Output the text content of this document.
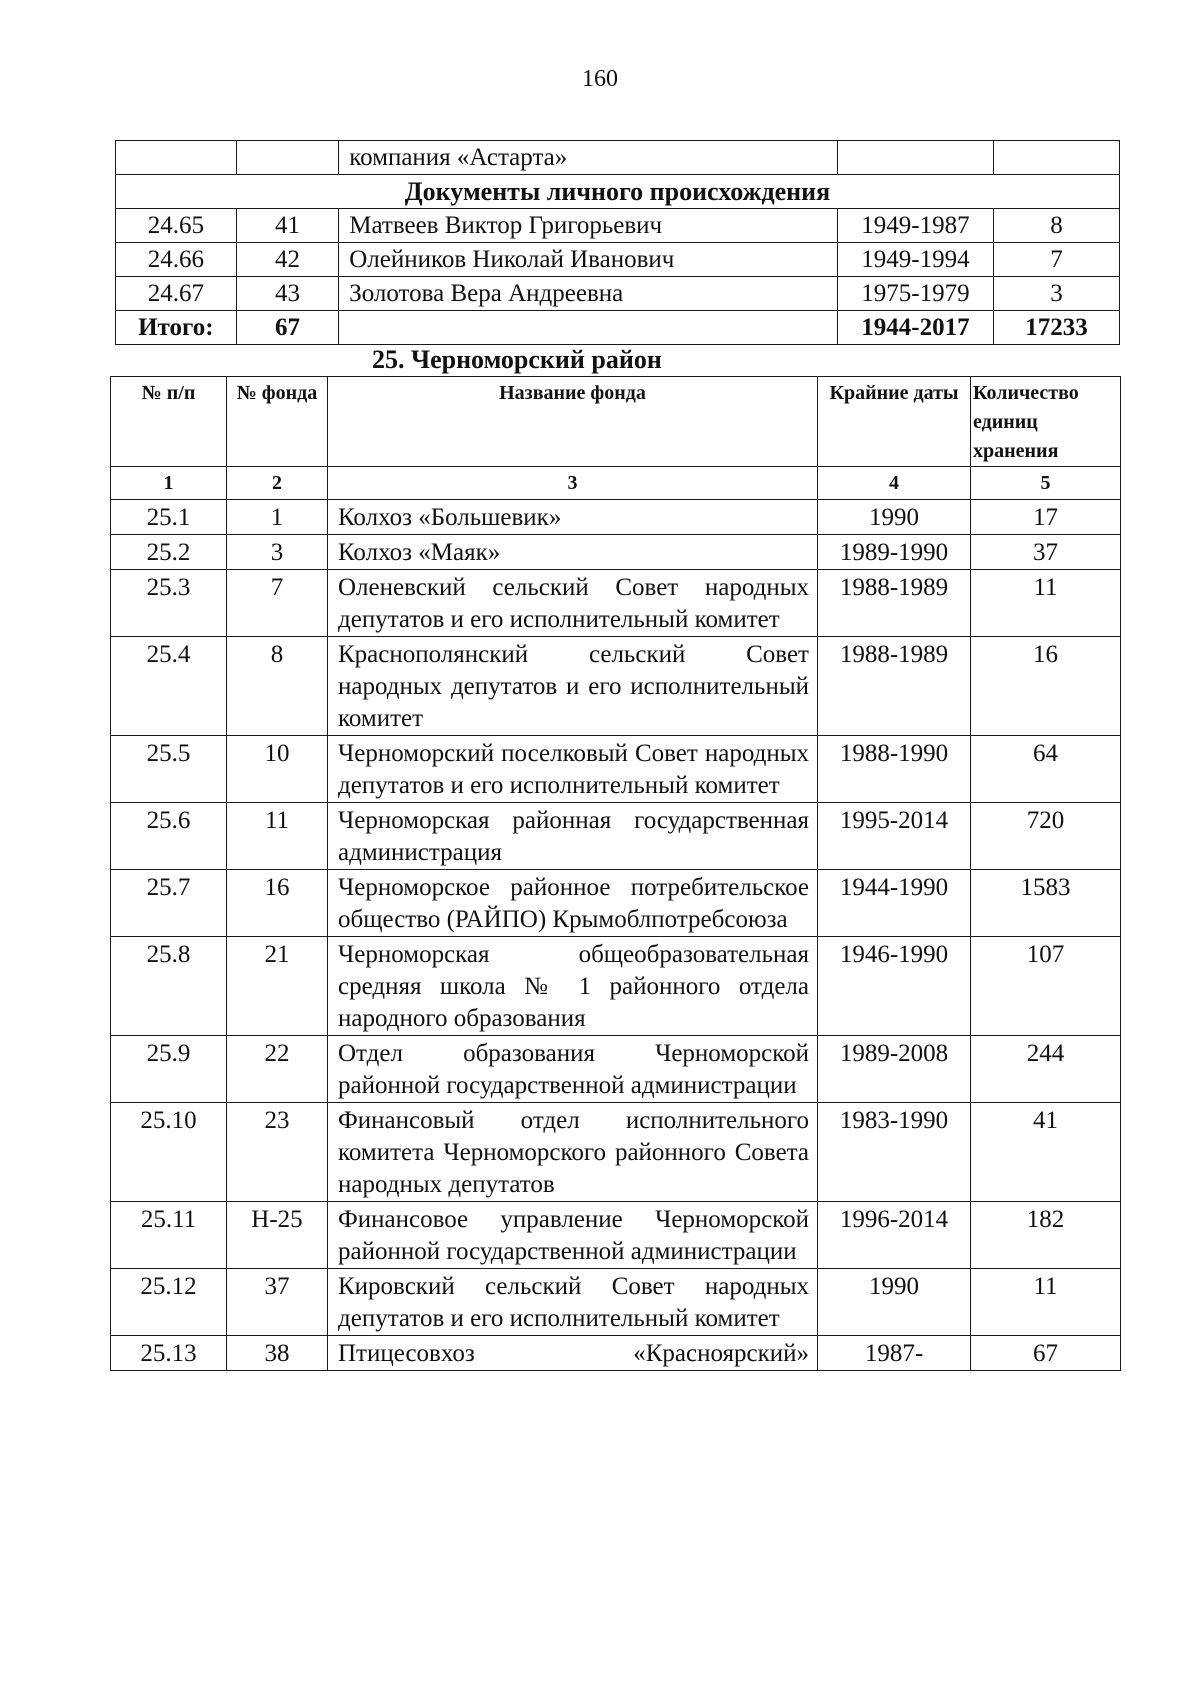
160
		компания «Астарта»		
Документы личного происхождения				
24.65	41	Матвеев Виктор Григорьевич	1949-1987	8
24.66	42	Олейников Николай Иванович	1949-1994	7
24.67	43	Золотова Вера Андреевна	1975-1979	3
Итого:	67		1944-2017	17233
25. Черноморский район
№ п/п	№ фонда	Название фонда	Крайние даты	Количество единиц хранения
1	2	3	4	5
25.1	1	Колхоз «Большевик»	1990	17
25.2	3	Колхоз «Маяк»	1989-1990	37
25.3	7	Оленевский сельский Совет народных депутатов и его исполнительный комитет	1988-1989	11
25.4	8	Краснополянский сельский Совет народных депутатов и его исполнительный комитет	1988-1989	16
25.5	10	Черноморский поселковый Совет народных депутатов и его исполнительный комитет	1988-1990	64
25.6	11	Черноморская районная государственная администрация	1995-2014	720
25.7	16	Черноморское районное потребительское общество (РАЙПО) Крымоблпотребсоюза	1944-1990	1583
25.8	21	Черноморская общеобразовательная средняя школа № 1 районного отдела народного образования	1946-1990	107
25.9	22	Отдел образования Черноморской районной государственной администрации	1989-2008	244
25.10	23	Финансовый отдел исполнительного комитета Черноморского районного Совета народных депутатов	1983-1990	41
25.11	Н-25	Финансовое управление Черноморской районной государственной администрации	1996-2014	182
25.12	37	Кировский сельский Совет народных депутатов и его исполнительный комитет	1990	11
25.13	38	Птицесовхоз «Красноярский»	1987-	67
